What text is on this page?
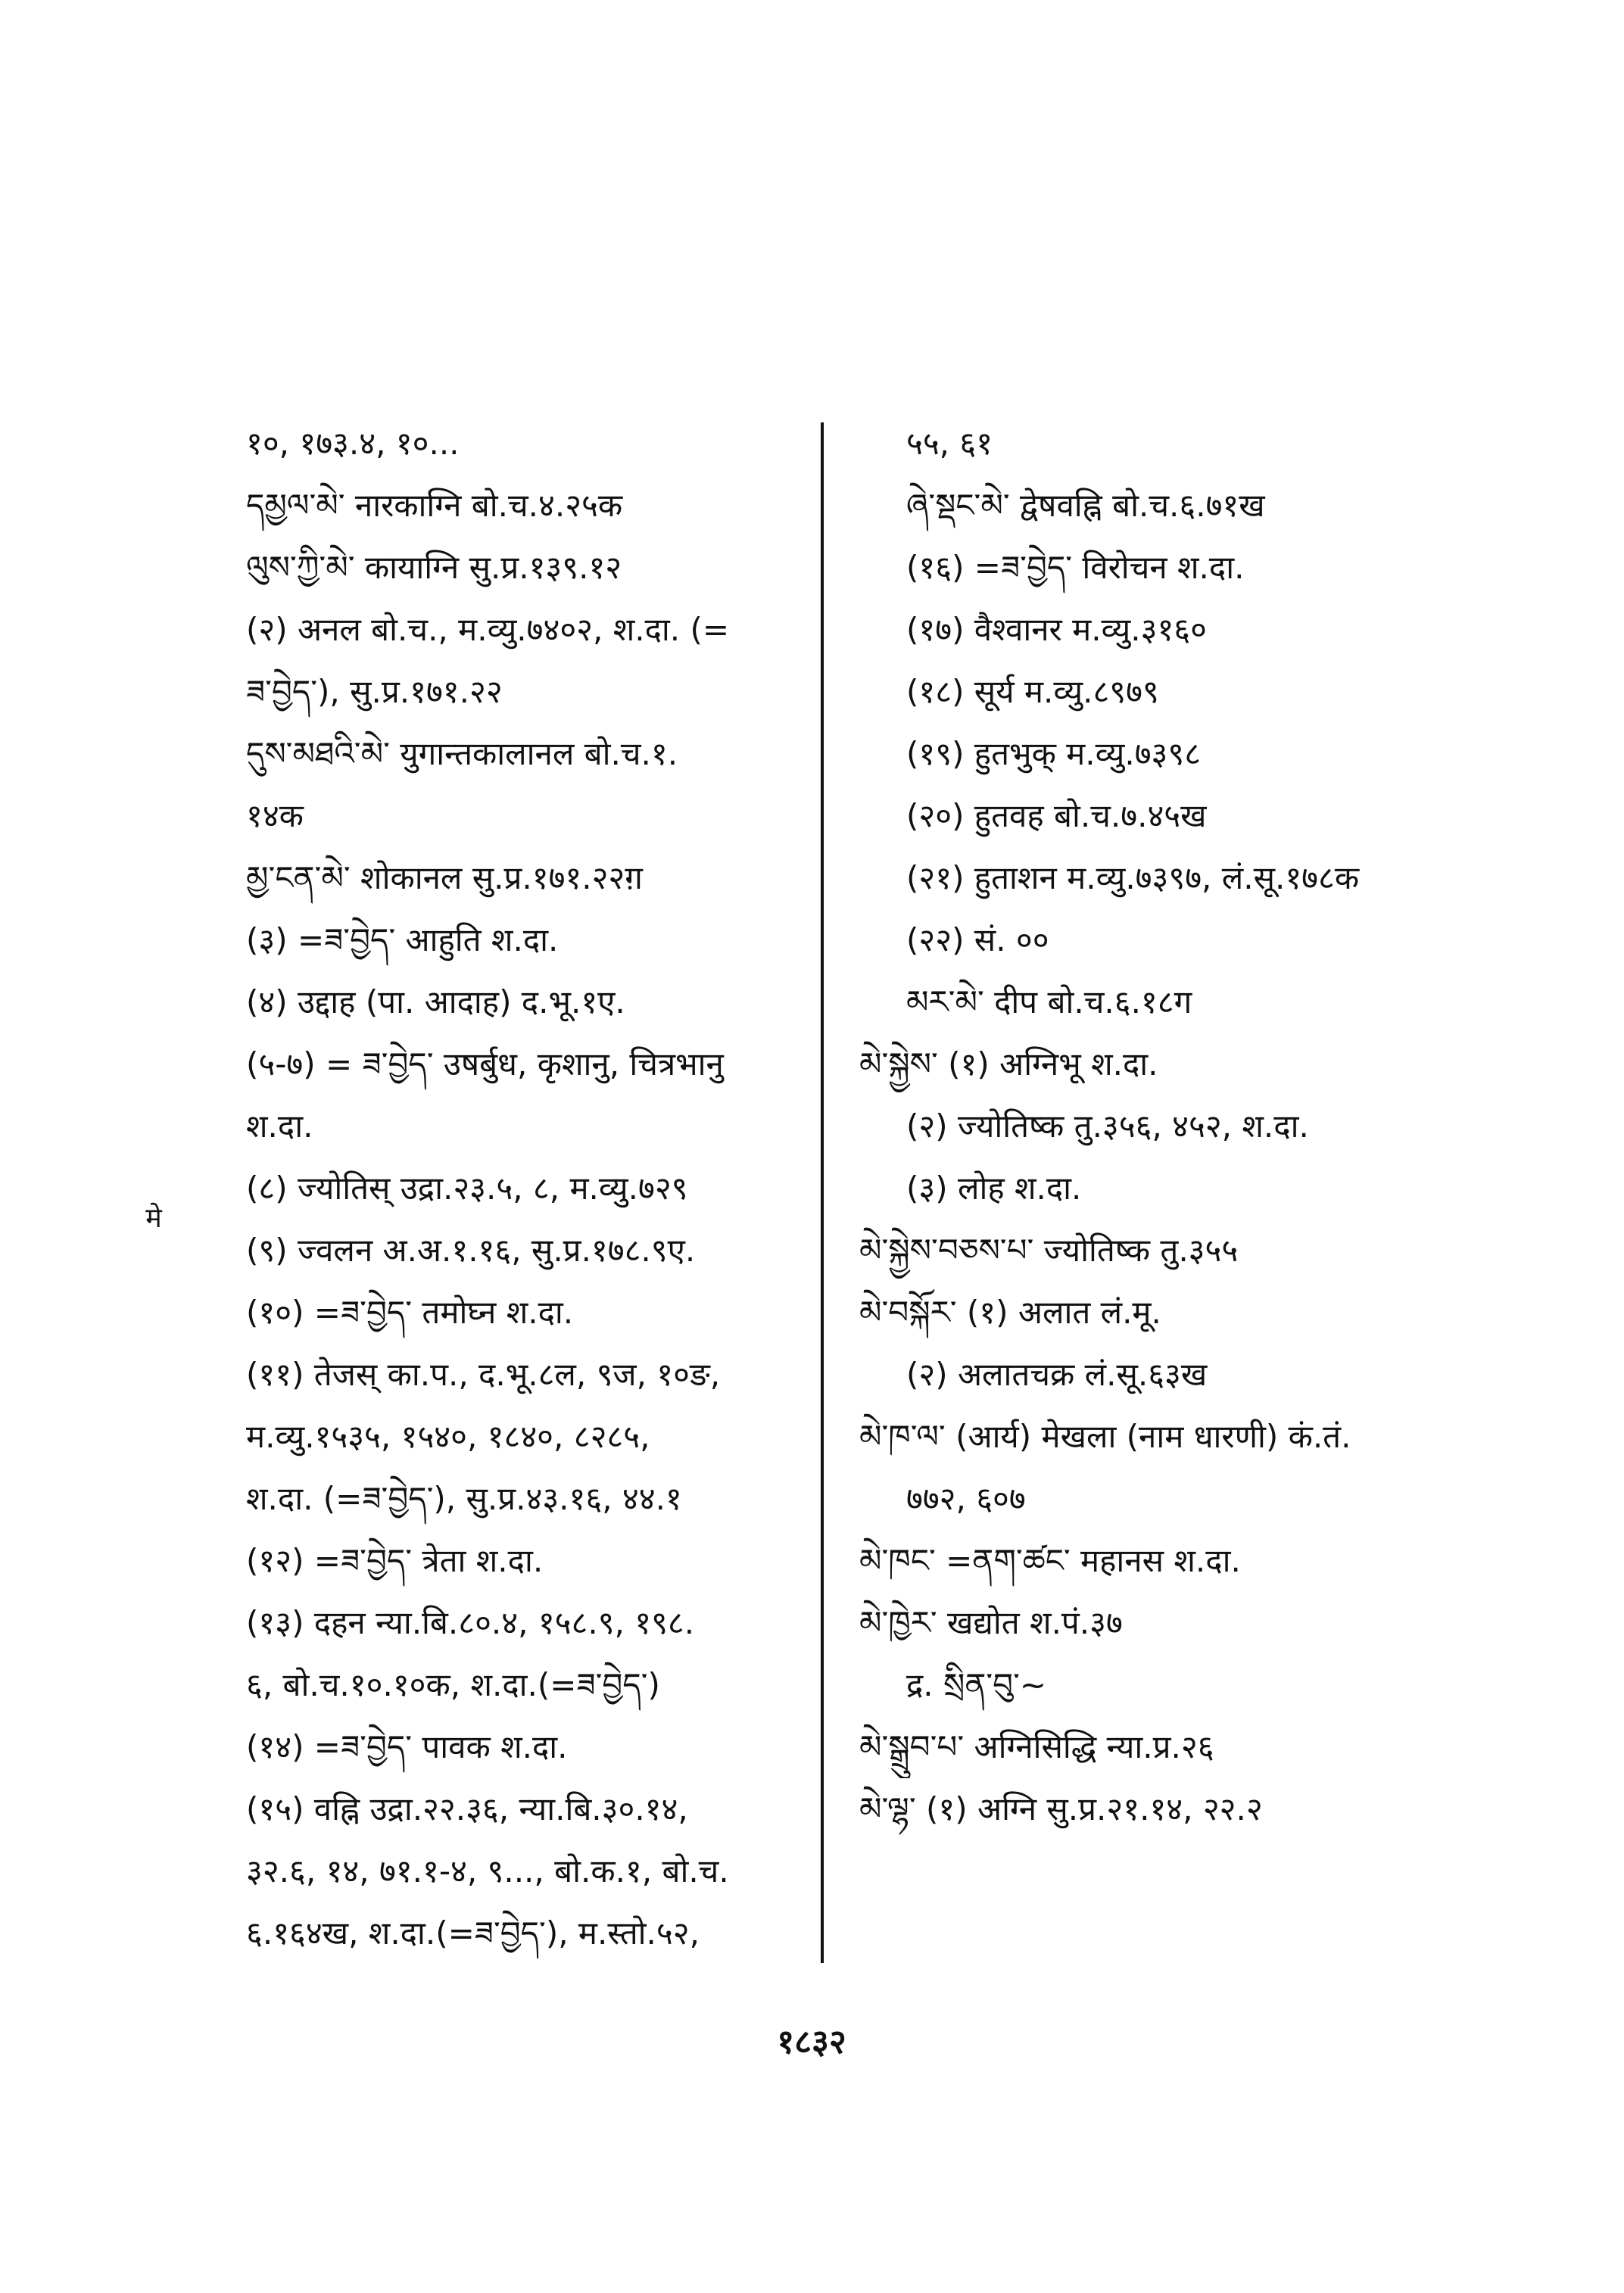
१०, १७३.४, १०...
དམྱལ་མེ་ नारकाग्नि बो.च.४.२५क
ལུས་ཀྱི་མེ་ कायाग्नि सु.प्र.१३९.१२
(२) अनल बो.च., म.व्यु.७४०२, श.दा. (=
ཟ་བྱེད་), सु.प्र.१७१.२२
དུས་མཐའི་མེ་ युगान्तकालानल बो.च.१.
१४क
མྱ་ངན་མེ་ शोकानल सु.प्र.१७१.२२ग़
(३) =ཟ་བྱེད་ आहुति श.दा.
(४) उद्दाह (पा. आदाह) द.भू.१ए.
(५-७) = ཟ་བྱེད་ उषर्बुध, कृशानु, चित्रभानु
श.दा.
(८) ज्योतिस् उद्रा.२३.५, ८, म.व्यु.७२९
(९) ज्वलन अ.अ.१.१६, सु.प्र.१७८.९ए.
(१०) =ཟ་བྱེད་ तमोघ्न श.दा.
(११) तेजस् का.प., द.भू.८ल, ९ज, १०ङ,
म.व्यु.१५३५, १५४०, १८४०, ८२८५,
श.दा. (=ཟ་བྱེད་), सु.प्र.४३.१६, ४४.१
(१२) =ཟ་བྱེད་ त्रेता श.दा.
(१३) दहन न्या.बि.८०.४, १५८.९, १९८.
६, बो.च.१०.१०क, श.दा.(=ཟ་བྱེད་)
(१४) =ཟ་བྱེད་ पावक श.दा.
(१५) वह्नि उद्रा.२२.३६, न्या.बि.३०.१४,
३२.६, १४, ७१.१-४, ९..., बो.क.१, बो.च.
६.१६४ख, श.दा.(=ཟ་བྱེད་), म.स्तो.५२,
५५, ६१
ཞེ་སྡང་མེ་ द्वेषवह्नि बो.च.६.७१ख
(१६) =ཟ་བྱེད་ विरोचन श.दा.
(१७) वैश्वानर म.व्यु.३१६०
(१८) सूर्य म.व्यु.८९७९
(१९) हुतभुक् म.व्यु.७३९८
(२०) हुतवह बो.च.७.४५ख
(२१) हुताशन म.व्यु.७३९७, लं.सू.१७८क
(२२) सं. ००
མར་མེ་ दीप बो.च.६.१८ग
མེ་སྐྱེས་ (१) अग्निभू श.दा.
(२) ज्योतिष्क तु.३५६, ४५२, श.दा.
(३) लोह श.दा.
མེ་སྐྱེས་བཅས་པ་ ज्योतिष्क तु.३५५
མེ་བསྐོར་ (१) अलात लं.मू.
(२) अलातचक्र लं.सू.६३ख
མེ་ཁ་ལ་ (आर्य) मेखला (नाम धारणी) कं.तं.
७७२, ६०७
མེ་ཁང་ =ནག་ཚང་ महानस श.दा.
མེ་ཁྱེར་ खद्योत श.पं.३७
द्र. སྲིན་བུ་~
མེ་སྒྲུབ་པ་ अग्निसिद्धि न्या.प्र.२६
མེ་ལྷ་ (१) अग्नि सु.प्र.२१.१४, २२.२
मे
१८३२
